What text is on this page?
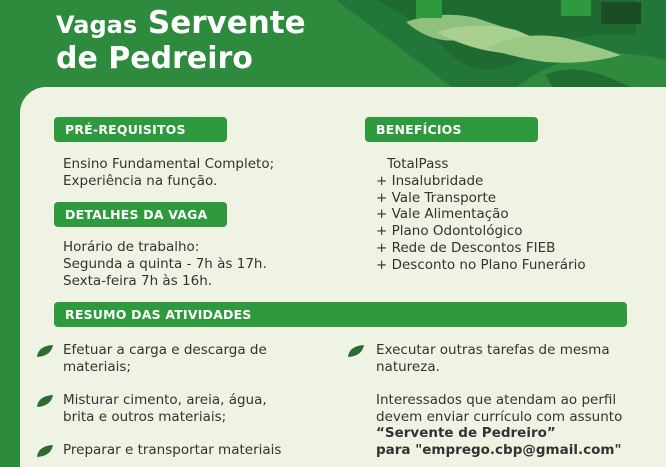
Vagas Servente
de Pedreiro
PRÉ-REQUISITOS
Ensino Fundamental Completo;
Experiência na função.
DETALHES DA VAGA
Horário de trabalho:
Segunda a quinta - 7h às 17h.
Sexta-feira 7h às 16h.
BENEFÍCIOS
TotalPass
+ Insalubridade
+ Vale Transporte
+ Vale Alimentação
+ Plano Odontológico
+ Rede de Descontos FIEB
+ Desconto no Plano Funerário
RESUMO DAS ATIVIDADES
Efetuar a carga e descarga de
materiais;
Misturar cimento, areia, água,
brita e outros materiais;
Preparar e transportar materiais
Executar outras tarefas de mesma
natureza.
Interessados que atendam ao perfil
devem enviar currículo com assunto
“Servente de Pedreiro”
para "emprego.cbp@gmail.com"
